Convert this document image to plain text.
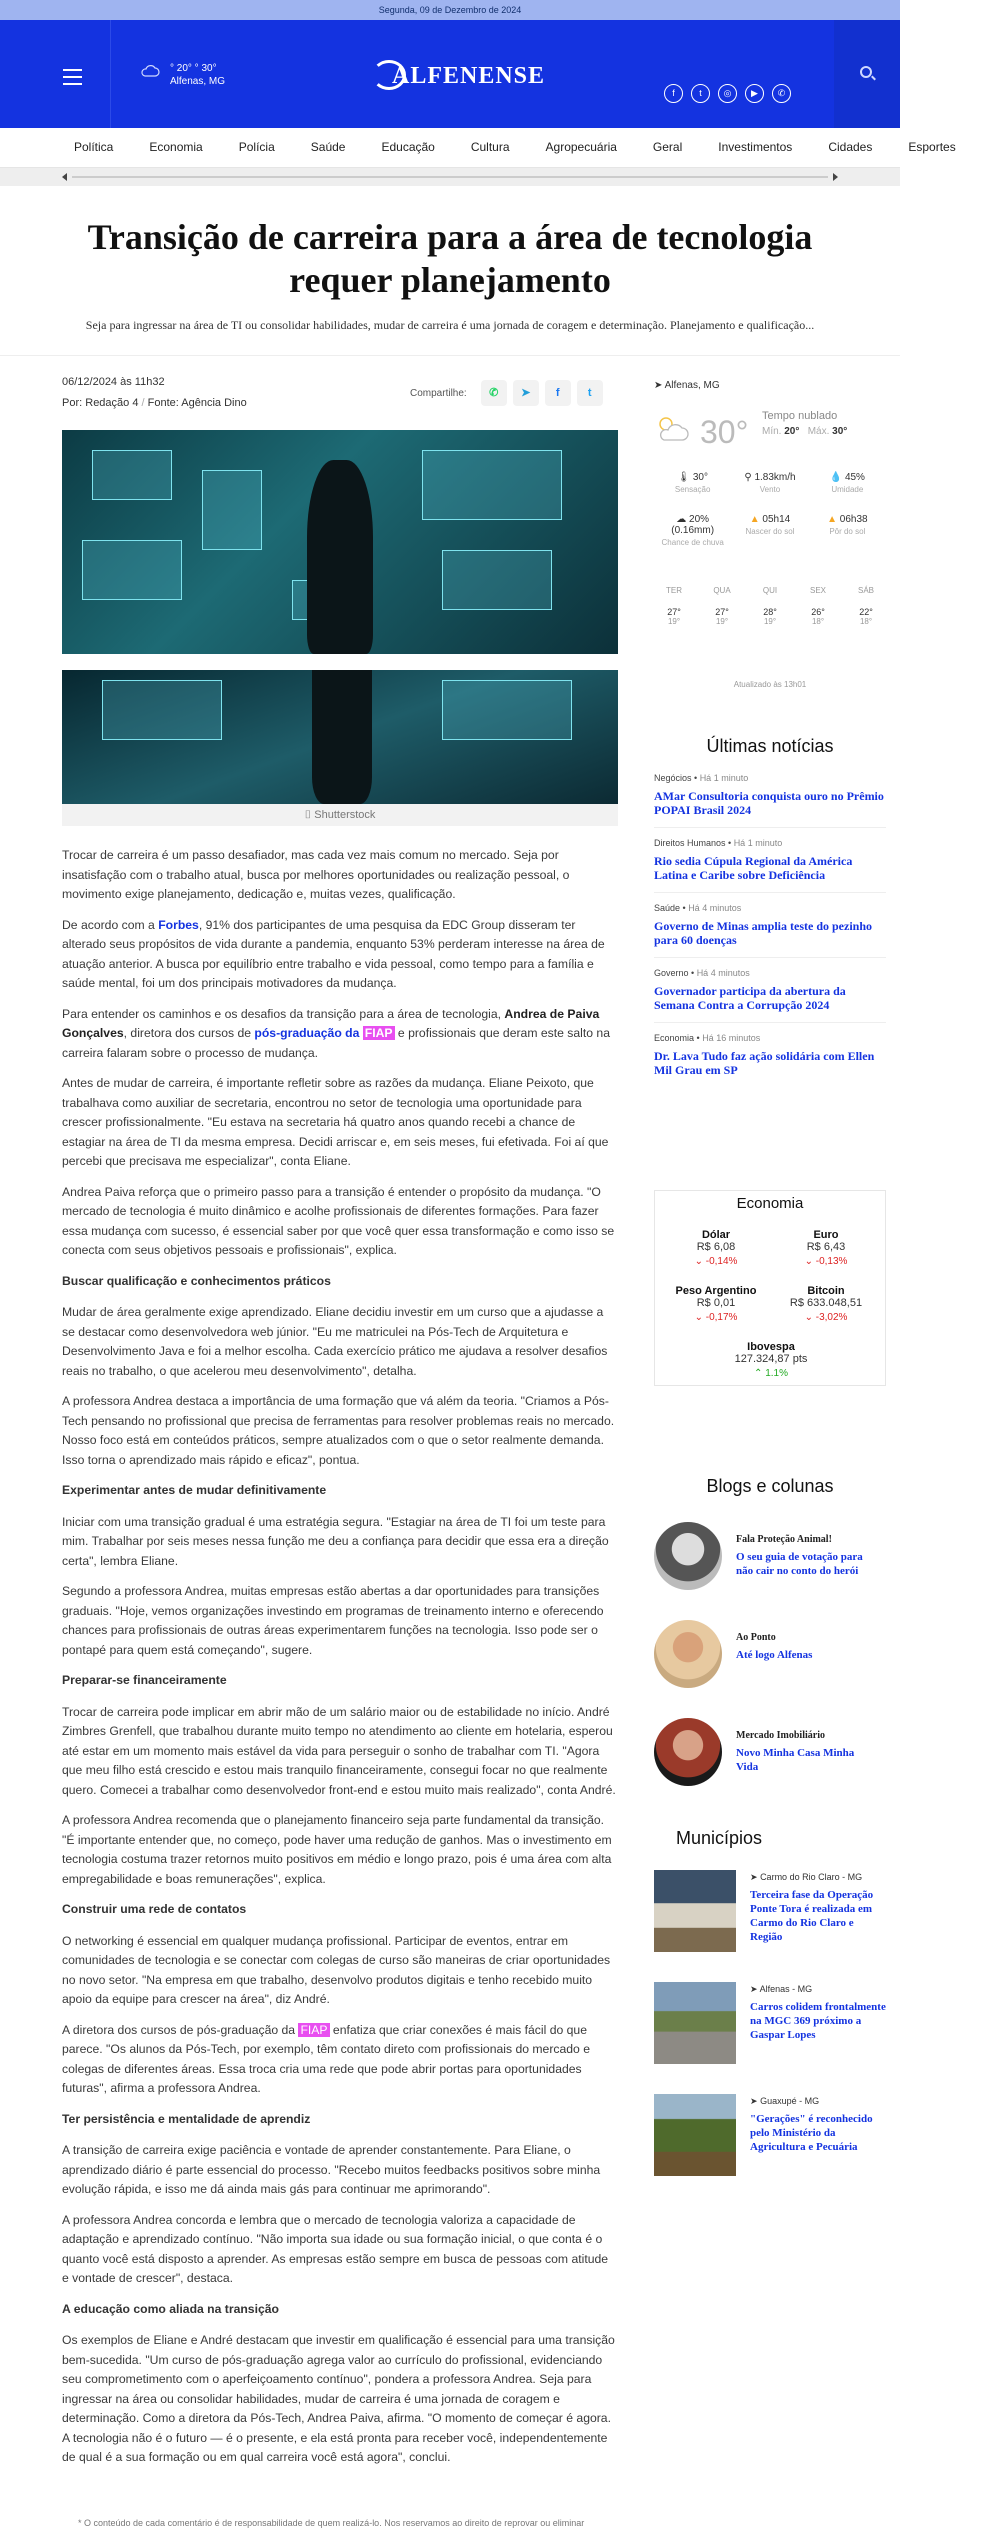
Segunda, 09 de Dezembro de 2024
° 20° ° 30°
Alfenas, MG	ALFENENSE
f	t	◎	▶	✆
Política	Economia	Polícia	Saúde	Educação	Cultura	Agropecuária	Geral	Investimentos	Cidades	Esportes
Transição de carreira para a área de tecnologia requer planejamento

Seja para ingressar na área de TI ou consolidar habilidades, mudar de carreira é uma jornada de coragem e determinação. Planejamento e qualificação...

06/12/2024 às 11h32
Por: Redação 4 / Fonte: Agência Dino
Compartilhe:	✆	➤	f	t
⌷ Shutterstock

Trocar de carreira é um passo desafiador, mas cada vez mais comum no mercado. Seja por insatisfação com o trabalho atual, busca por melhores oportunidades ou realização pessoal, o movimento exige planejamento, dedicação e, muitas vezes, qualificação.

De acordo com a Forbes, 91% dos participantes de uma pesquisa da EDC Group disseram ter alterado seus propósitos de vida durante a pandemia, enquanto 53% perderam interesse na área de atuação anterior. A busca por equilíbrio entre trabalho e vida pessoal, como tempo para a família e saúde mental, foi um dos principais motivadores da mudança.

Para entender os caminhos e os desafios da transição para a área de tecnologia, Andrea de Paiva Gonçalves, diretora dos cursos de pós-graduação da FIAP e profissionais que deram este salto na carreira falaram sobre o processo de mudança.

Antes de mudar de carreira, é importante refletir sobre as razões da mudança. Eliane Peixoto, que trabalhava como auxiliar de secretaria, encontrou no setor de tecnologia uma oportunidade para crescer profissionalmente. "Eu estava na secretaria há quatro anos quando recebi a chance de estagiar na área de TI da mesma empresa. Decidi arriscar e, em seis meses, fui efetivada. Foi aí que percebi que precisava me especializar", conta Eliane.

Andrea Paiva reforça que o primeiro passo para a transição é entender o propósito da mudança. "O mercado de tecnologia é muito dinâmico e acolhe profissionais de diferentes formações. Para fazer essa mudança com sucesso, é essencial saber por que você quer essa transformação e como isso se conecta com seus objetivos pessoais e profissionais", explica.

Buscar qualificação e conhecimentos práticos

Mudar de área geralmente exige aprendizado. Eliane decidiu investir em um curso que a ajudasse a se destacar como desenvolvedora web júnior. "Eu me matriculei na Pós-Tech de Arquitetura e Desenvolvimento Java e foi a melhor escolha. Cada exercício prático me ajudava a resolver desafios reais no trabalho, o que acelerou meu desenvolvimento", detalha.

A professora Andrea destaca a importância de uma formação que vá além da teoria. "Criamos a Pós-Tech pensando no profissional que precisa de ferramentas para resolver problemas reais no mercado. Nosso foco está em conteúdos práticos, sempre atualizados com o que o setor realmente demanda. Isso torna o aprendizado mais rápido e eficaz", pontua.

Experimentar antes de mudar definitivamente

Iniciar com uma transição gradual é uma estratégia segura. "Estagiar na área de TI foi um teste para mim. Trabalhar por seis meses nessa função me deu a confiança para decidir que essa era a direção certa", lembra Eliane.

Segundo a professora Andrea, muitas empresas estão abertas a dar oportunidades para transições graduais. "Hoje, vemos organizações investindo em programas de treinamento interno e oferecendo chances para profissionais de outras áreas experimentarem funções na tecnologia. Isso pode ser o pontapé para quem está começando", sugere.

Preparar-se financeiramente

Trocar de carreira pode implicar em abrir mão de um salário maior ou de estabilidade no início. André Zimbres Grenfell, que trabalhou durante muito tempo no atendimento ao cliente em hotelaria, esperou até estar em um momento mais estável da vida para perseguir o sonho de trabalhar com TI. "Agora que meu filho está crescido e estou mais tranquilo financeiramente, consegui focar no que realmente quero. Comecei a trabalhar como desenvolvedor front-end e estou muito mais realizado", conta André.

A professora Andrea recomenda que o planejamento financeiro seja parte fundamental da transição. "É importante entender que, no começo, pode haver uma redução de ganhos. Mas o investimento em tecnologia costuma trazer retornos muito positivos em médio e longo prazo, pois é uma área com alta empregabilidade e boas remunerações", explica.

Construir uma rede de contatos

O networking é essencial em qualquer mudança profissional. Participar de eventos, entrar em comunidades de tecnologia e se conectar com colegas de curso são maneiras de criar oportunidades no novo setor. "Na empresa em que trabalho, desenvolvo produtos digitais e tenho recebido muito apoio da equipe para crescer na área", diz André.

A diretora dos cursos de pós-graduação da FIAP enfatiza que criar conexões é mais fácil do que parece. "Os alunos da Pós-Tech, por exemplo, têm contato direto com profissionais do mercado e colegas de diferentes áreas. Essa troca cria uma rede que pode abrir portas para oportunidades futuras", afirma a professora Andrea.

Ter persistência e mentalidade de aprendiz

A transição de carreira exige paciência e vontade de aprender constantemente. Para Eliane, o aprendizado diário é parte essencial do processo. "Recebo muitos feedbacks positivos sobre minha evolução rápida, e isso me dá ainda mais gás para continuar me aprimorando".

A professora Andrea concorda e lembra que o mercado de tecnologia valoriza a capacidade de adaptação e aprendizado contínuo. "Não importa sua idade ou sua formação inicial, o que conta é o quanto você está disposto a aprender. As empresas estão sempre em busca de pessoas com atitude e vontade de crescer", destaca.

A educação como aliada na transição

Os exemplos de Eliane e André destacam que investir em qualificação é essencial para uma transição bem-sucedida. "Um curso de pós-graduação agrega valor ao currículo do profissional, evidenciando seu comprometimento com o aperfeiçoamento contínuo", pondera a professora Andrea. Seja para ingressar na área ou consolidar habilidades, mudar de carreira é uma jornada de coragem e determinação. Como a diretora da Pós-Tech, Andrea Paiva, afirma. "O momento de começar é agora. A tecnologia não é o futuro — é o presente, e ela está pronta para receber você, independentemente de qual é a sua formação ou em qual carreira você está agora", conclui.

* O conteúdo de cada comentário é de responsabilidade de quem realizá-lo. Nos reservamos ao direito de reprovar ou eliminar
➤ Alfenas, MG
30° Tempo nublado
Mín. 20° Máx. 30°
🌡 30°
Sensação
⚲ 1.83km/h
Vento
💧 45%
Umidade
☁ 20% (0.16mm)
Chance de chuva
▲ 05h14
Nascer do sol
▲ 06h38
Pôr do sol
TER
27°
19°
QUA
27°
19°
QUI
28°
19°
SEX
26°
18°
SÁB
22°
18°
Atualizado às 13h01
Últimas notícias
Negócios • Há 1 minuto
AMar Consultoria conquista ouro no Prêmio POPAI Brasil 2024
Direitos Humanos • Há 1 minuto
Rio sedia Cúpula Regional da América Latina e Caribe sobre Deficiência
Saúde • Há 4 minutos
Governo de Minas amplia teste do pezinho para 60 doenças
Governo • Há 4 minutos
Governador participa da abertura da Semana Contra a Corrupção 2024
Economia • Há 16 minutos
Dr. Lava Tudo faz ação solidária com Ellen Mil Grau em SP
Economia
Dólar
R$ 6,08
⌄ -0,14%
Euro
R$ 6,43
⌄ -0,13%
Peso Argentino
R$ 0,01
⌄ -0,17%
Bitcoin
R$ 633.048,51
⌄ -3,02%
Ibovespa
127.324,87 pts
⌃ 1.1%
Blogs e colunas
Fala Proteção Animal!
O seu guia de votação para não cair no conto do herói
Ao Ponto
Até logo Alfenas
Mercado Imobiliário
Novo Minha Casa Minha Vida
Municípios
➤ Carmo do Rio Claro - MG
Terceira fase da Operação Ponte Tora é realizada em Carmo do Rio Claro e Região
➤ Alfenas - MG
Carros colidem frontalmente na MGC 369 próximo a Gaspar Lopes
➤ Guaxupé - MG
"Gerações" é reconhecido pelo Ministério da Agricultura e Pecuária
